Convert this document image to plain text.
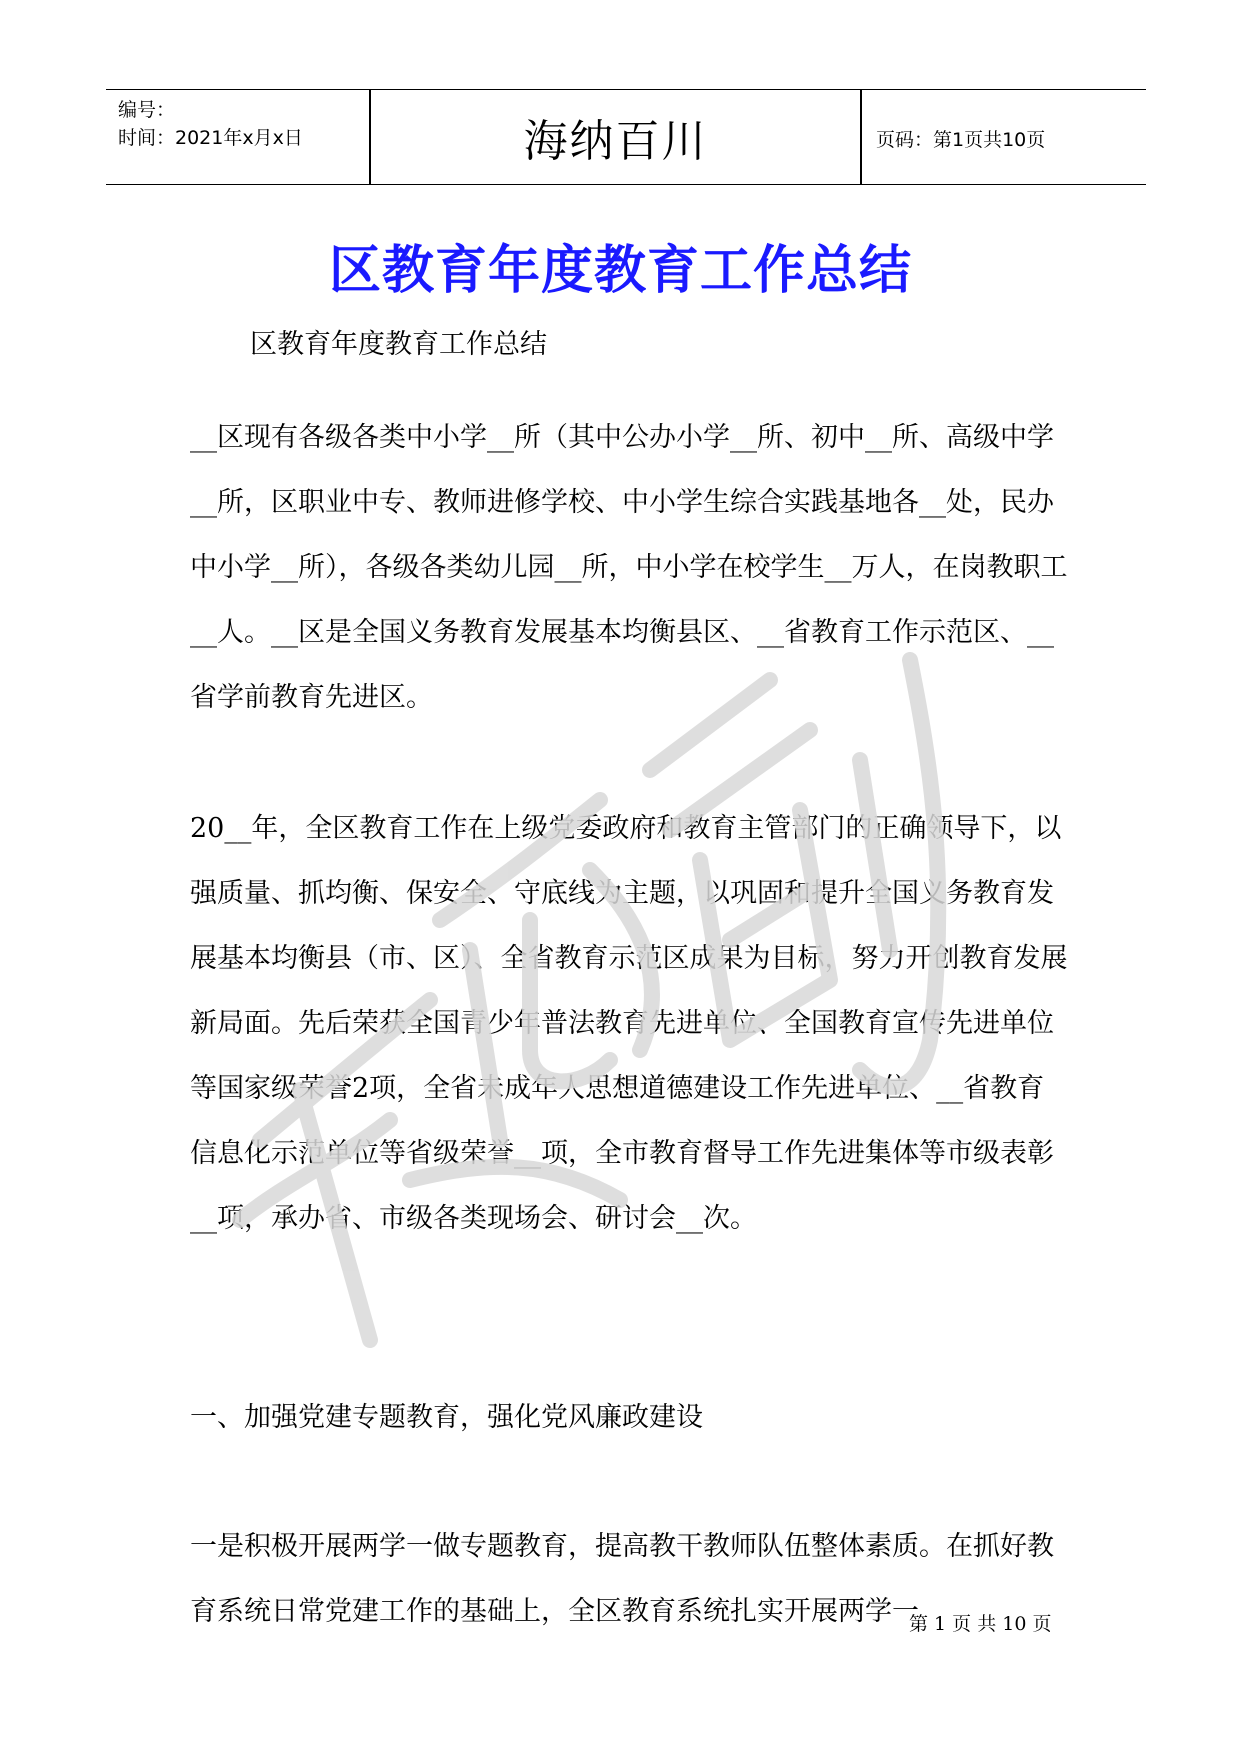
编号：
时间：2021年x月x日	海纳百川	页码：第1页共10页
区教育年度教育工作总结
区教育年度教育工作总结

__区现有各级各类中小学__所（其中公办小学__所、初中__所、高级中学__所，区职业中专、教师进修学校、中小学生综合实践基地各__处，民办中小学__所），各级各类幼儿园__所，中小学在校学生__万人，在岗教职工__人。__区是全国义务教育发展基本均衡县区、__省教育工作示范区、__省学前教育先进区。

20__年，全区教育工作在上级党委政府和教育主管部门的正确领导下，以强质量、抓均衡、保安全、守底线为主题，以巩固和提升全国义务教育发展基本均衡县（市、区）、全省教育示范区成果为目标，努力开创教育发展新局面。先后荣获全国青少年普法教育先进单位、全国教育宣传先进单位等国家级荣誉2项，全省未成年人思想道德建设工作先进单位、__省教育信息化示范单位等省级荣誉__项，全市教育督导工作先进集体等市级表彰__项，承办省、市级各类现场会、研讨会__次。

一、加强党建专题教育，强化党风廉政建设

一是积极开展两学一做专题教育，提高教干教师队伍整体素质。在抓好教育系统日常党建工作的基础上，全区教育系统扎实开展两学一

第 1 页 共 10 页
